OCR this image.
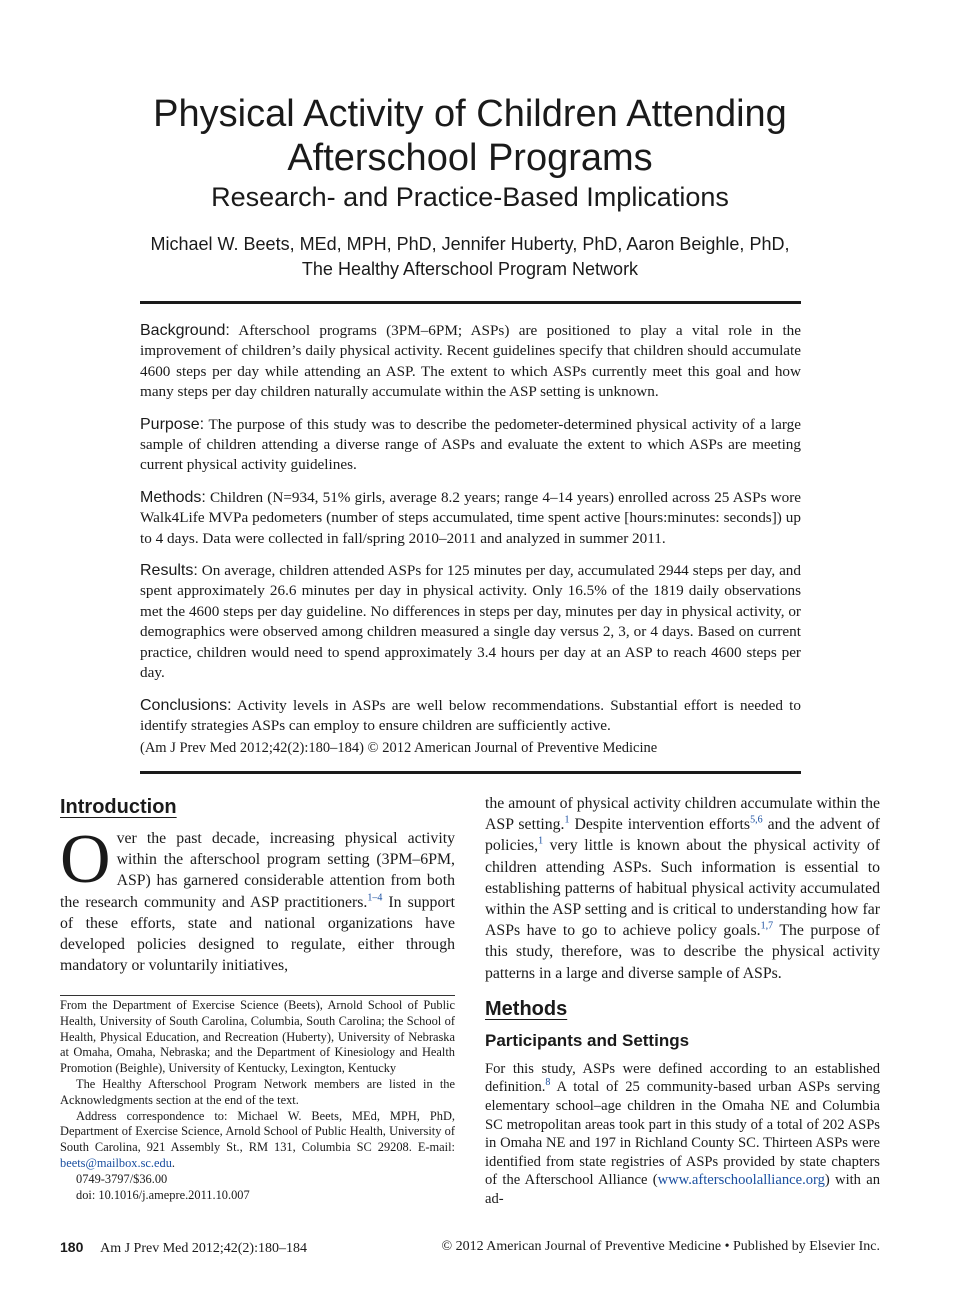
Physical Activity of Children Attending
Afterschool Programs
Research- and Practice-Based Implications
Michael W. Beets, MEd, MPH, PhD, Jennifer Huberty, PhD, Aaron Beighle, PhD,
The Healthy Afterschool Program Network

Background: Afterschool programs (3PM–6PM; ASPs) are positioned to play a vital role in the improvement of children’s daily physical activity. Recent guidelines specify that children should accumulate 4600 steps per day while attending an ASP. The extent to which ASPs currently meet this goal and how many steps per day children naturally accumulate within the ASP setting is unknown.

Purpose: The purpose of this study was to describe the pedometer-determined physical activity of a large sample of children attending a diverse range of ASPs and evaluate the extent to which ASPs are meeting current physical activity guidelines.

Methods: Children (N=934, 51% girls, average 8.2 years; range 4–14 years) enrolled across 25 ASPs wore Walk4Life MVPa pedometers (number of steps accumulated, time spent active [hours:minutes: seconds]) up to 4 days. Data were collected in fall/spring 2010–2011 and analyzed in summer 2011.

Results: On average, children attended ASPs for 125 minutes per day, accumulated 2944 steps per day, and spent approximately 26.6 minutes per day in physical activity. Only 16.5% of the 1819 daily observations met the 4600 steps per day guideline. No differences in steps per day, minutes per day in physical activity, or demographics were observed among children measured a single day versus 2, 3, or 4 days. Based on current practice, children would need to spend approximately 3.4 hours per day at an ASP to reach 4600 steps per day.

Conclusions: Activity levels in ASPs are well below recommendations. Substantial effort is needed to identify strategies ASPs can employ to ensure children are sufficiently active.

(Am J Prev Med 2012;42(2):180–184) © 2012 American Journal of Preventive Medicine

Introduction

Over the past decade, increasing physical activity within the afterschool program setting (3PM–6PM, ASP) has garnered considerable attention from both the research community and ASP practitioners.$^{1-4}$ In support of these efforts, state and national organizations have developed policies designed to regulate, either through mandatory or voluntarily initiatives,

From the Department of Exercise Science (Beets), Arnold School of Public Health, University of South Carolina, Columbia, South Carolina; the School of Health, Physical Education, and Recreation (Huberty), University of Nebraska at Omaha, Omaha, Nebraska; and the Department of Kinesiology and Health Promotion (Beighle), University of Kentucky, Lexington, Kentucky

The Healthy Afterschool Program Network members are listed in the Acknowledgments section at the end of the text.

Address correspondence to: Michael W. Beets, MEd, MPH, PhD, Department of Exercise Science, Arnold School of Public Health, University of South Carolina, 921 Assembly St., RM 131, Columbia SC 29208. E-mail: beets@mailbox.sc.edu.

0749-3797/$36.00

doi: 10.1016/j.amepre.2011.10.007

the amount of physical activity children accumulate within the ASP setting.$^1$ Despite intervention efforts$^{5,6}$ and the advent of policies,$^1$ very little is known about the physical activity of children attending ASPs. Such information is essential to establishing patterns of habitual physical activity accumulated within the ASP setting and is critical to understanding how far ASPs have to go to achieve policy goals.$^{1,7}$ The purpose of this study, therefore, was to describe the physical activity patterns in a large and diverse sample of ASPs.

Methods
Participants and Settings

For this study, ASPs were defined according to an established definition.$^8$ A total of 25 community-based urban ASPs serving elementary school–age children in the Omaha NE and Columbia SC metropolitan areas took part in this study of a total of 202 ASPs in Omaha NE and 197 in Richland County SC. Thirteen ASPs were identified from state registries of ASPs provided by state chapters of the Afterschool Alliance (www.afterschoolalliance.org) with an ad-

180 Am J Prev Med 2012;42(2):180–184	© 2012 American Journal of Preventive Medicine • Published by Elsevier Inc.
